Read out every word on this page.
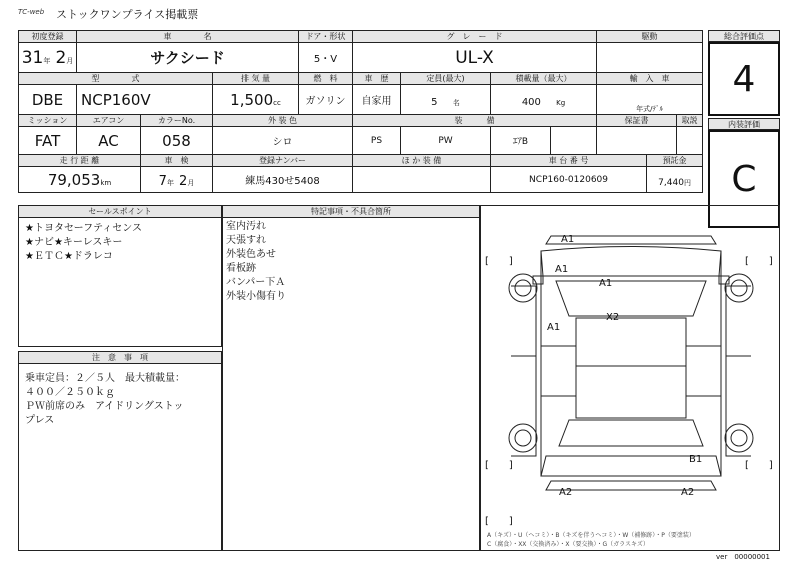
TC-web ストックワンプライス掲載票
初度登録	車　　　　名			ドア・形状	グ　レ　ー　ド				駆動		
31年 2月	サクシード			5・V	UL-X						
型　　　　式			排 気 量	燃　料	車　歴	定員(最大)	積載量（最大）		輸　入　車		
DBE	NCP160V		1,500cc	ガソリン	自家用	5 名	400 Kg		年式/ﾃﾞﾙ		
ミッション	エアコン	カラーNo.	外 装 色		装　　　備				保証書		取説
FAT	AC	058	シロ		PS	PW	ｴｱB				
走 行 距 離		車　検	登録ナンバー		ほ か 装 備		車 台 番 号			預託金	
79,053km		7年 2月	練馬430せ5408				NCP160-0120609			7,440円	
総合評価点
4
内装評価
C
セールスポイント
★トヨタセーフティセンス
★ナビ★キーレスキー
★ＥＴＣ★ドラレコ
注　意　事　項
乗車定員：２／５人　最大積載量：
４００／２５０ｋｇ
ＰＷ前席のみ　アイドリングストッ
プレス
特記事項・不具合箇所
室内汚れ
天張すれ
外装色あせ
看板跡
バンパー下Ａ
外装小傷有り
A1
A1
A1
A1
X2
B1
A2	A2
[　　]	[　　]
[　　]	[　　]
[　　]
A（キズ）・U（ヘコミ）・B（キズを伴うヘコミ）・W（補修跡）・P（要塗装）
C（腐食）・XX（交換済み）・X（要交換）・G（ガラスキズ）
ver　00000001
